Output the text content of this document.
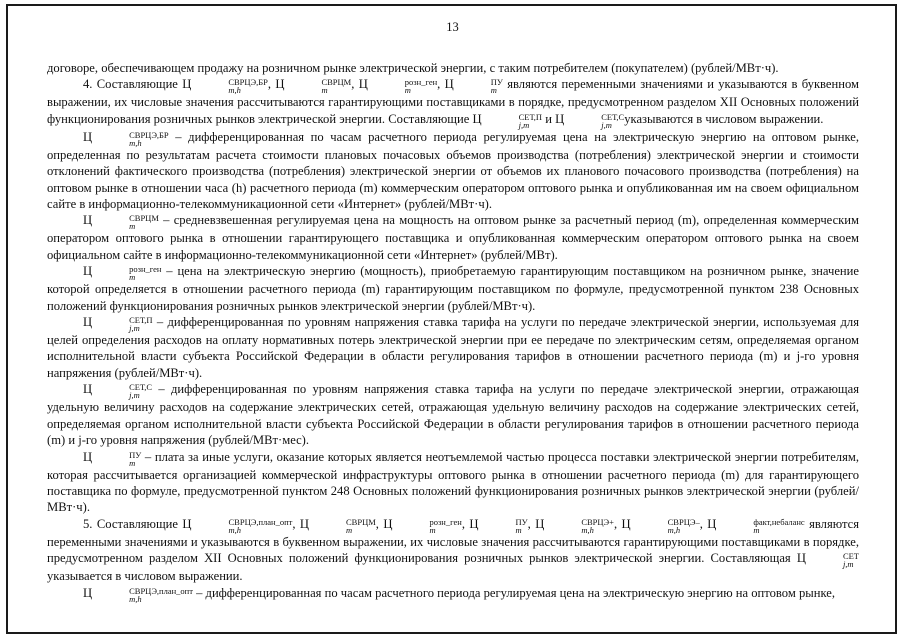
13

договоре, обеспечивающем продажу на розничном рынке электрической энергии, с таким потребителем (покупателем) (рублей/МВт·ч).

4. Составляющие Ц	СВРЦЭ,БР
m,h	, Ц	СВРЦМ
m	, Ц	розн_ген
m	, Ц	ПУ
m являются переменными значениями и указываются в буквенном выражении, их числовые значения рассчитываются гарантирующими поставщиками в порядке, предусмотренном разделом XII Основных положений функционирования розничных рынков электрической энергии. Составляющие Ц	СЕТ,П
j,m	и Ц	СЕТ,С
j,m указываются в числовом выражении.

Ц	СВРЦЭ,БР
m,h	– дифференцированная по часам расчетного периода регулируемая цена на электрическую энергию на оптовом рынке, определенная по результатам расчета стоимости плановых почасовых объемов производства (потребления) электрической энергии и стоимости отклонений фактического производства (потребления) электрической энергии от объемов их планового почасового производства (потребления) на оптовом рынке в отношении часа (h) расчетного периода (m) коммерческим оператором оптового рынка и опубликованная им на своем официальном сайте в информационно-телекоммуникационной сети «Интернет» (рублей/МВт·ч).

Ц	СВРЦМ
m	– средневзвешенная регулируемая цена на мощность на оптовом рынке за расчетный период (m), определенная коммерческим оператором оптового рынка в отношении гарантирующего поставщика и опубликованная коммерческим оператором оптового рынка на своем официальном сайте в информационно-телекоммуникационной сети «Интернет» (рублей/МВт).

Ц	розн_ген
m	– цена на электрическую энергию (мощность), приобретаемую гарантирующим поставщиком на розничном рынке, значение которой определяется в отношении расчетного периода (m) гарантирующим поставщиком по формуле, предусмотренной пунктом 238 Основных положений функционирования розничных рынков электрической энергии (рублей/МВт·ч).

Ц	СЕТ,П
j,m	– дифференцированная по уровням напряжения ставка тарифа на услуги по передаче электрической энергии, используемая для целей определения расходов на оплату нормативных потерь электрической энергии при ее передаче по электрическим сетям, определяемая органом исполнительной власти субъекта Российской Федерации в области регулирования тарифов в отношении расчетного периода (m) и j-го уровня напряжения (рублей/МВт·ч).

Ц	СЕТ,С
j,m – дифференцированная по уровням напряжения ставка тарифа на услуги по передаче электрической энергии, отражающая удельную величину расходов на содержание электрических сетей, отражающая удельную величину расходов на содержание электрических сетей, определяемая органом исполнительной власти субъекта Российской Федерации в области регулирования тарифов в отношении расчетного периода (m) и j-го уровня напряжения (рублей/МВт·мес).

Ц	ПУ
m – плата за иные услуги, оказание которых является неотъемлемой частью процесса поставки электрической энергии потребителям, которая рассчитывается организацией коммерческой инфраструктуры оптового рынка в отношении расчетного периода (m) для гарантирующего поставщика по формуле, предусмотренной пунктом 248 Основных положений функционирования розничных рынков электрической энергии (рублей/МВт·ч).

5. Составляющие Ц	СВРЦЭ,план_опт
m,h	, Ц	СВРЦМ
m	, Ц	розн_ген
m	, Ц	ПУ
m , Ц	СВРЦЭ+
m,h	, Ц	СВРЦЭ–
m,h	, Ц	факт,небаланс
m	являются переменными значениями и указываются в буквенном выражении, их числовые значения рассчитываются гарантирующими поставщиками в порядке, предусмотренном разделом XII Основных положений функционирования розничных рынков электрической энергии. Составляющая Ц	СЕТ
j,m
указывается в числовом выражении.

Ц	СВРЦЭ,план_опт
m,h	– дифференцированная по часам расчетного периода регулируемая цена на электрическую энергию на оптовом рынке,
